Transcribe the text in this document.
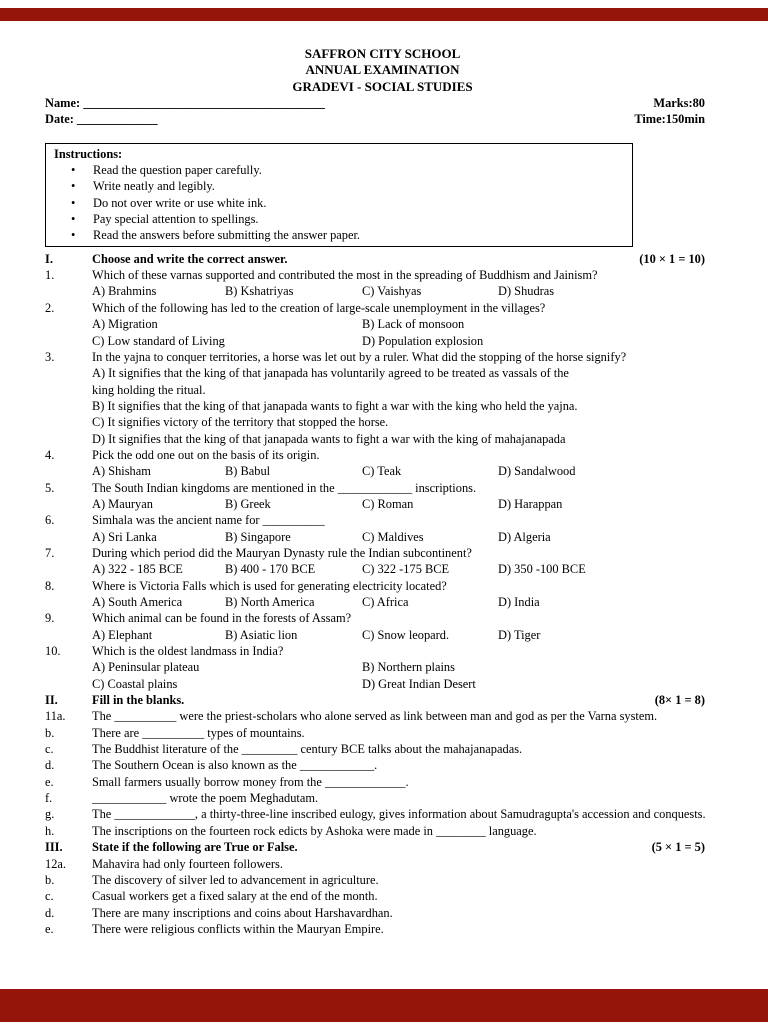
SAFFRON CITY SCHOOL
ANNUAL EXAMINATION
GRADEVI - SOCIAL STUDIES
Name: _______________________________________	Marks:80
Date: _____________	Time:150min
Instructions:
•	Read the question paper carefully.
•	Write neatly and legibly.
•	Do not over write or use white ink.
•	Pay special attention to spellings.
•	Read the answers before submitting the answer paper.
I.	Choose and write the correct answer.	(10 × 1 = 10)
1.	Which of these varnas supported and contributed the most in the spreading of Buddhism and Jainism?
A) Brahmins	B) Kshatriyas	C) Vaishyas	D) Shudras
2.	Which of the following has led to the creation of large-scale unemployment in the villages?
A) Migration	B) Lack of monsoon
C) Low standard of Living	D) Population explosion
3.	In the yajna to conquer territories, a horse was let out by a ruler. What did the stopping of the horse signify?
A) It signifies that the king of that janapada has voluntarily agreed to be treated as vassals of the
king holding the ritual.
B) It signifies that the king of that janapada wants to fight a war with the king who held the yajna.
C) It signifies victory of the territory that stopped the horse.
D) It signifies that the king of that janapada wants to fight a war with the king of mahajanapada
4.	Pick the odd one out on the basis of its origin.
A) Shisham	B) Babul	C) Teak	D) Sandalwood
5.	The South Indian kingdoms are mentioned in the ____________ inscriptions.
A) Mauryan	B) Greek	C) Roman	D) Harappan
6.	Simhala was the ancient name for __________
A) Sri Lanka	B) Singapore	C) Maldives	D) Algeria
7.	During which period did the Mauryan Dynasty rule the Indian subcontinent?
A) 322 - 185 BCE	B) 400 - 170 BCE	C) 322 -175 BCE	D) 350 -100 BCE
8.	Where is Victoria Falls which is used for generating electricity located?
A) South America	B) North America	C) Africa	D) India
9.	Which animal can be found in the forests of Assam?
A) Elephant	B) Asiatic lion	C) Snow leopard.	D) Tiger
10.	Which is the oldest landmass in India?
A) Peninsular plateau	B) Northern plains
C) Coastal plains	D) Great Indian Desert
II.	Fill in the blanks.	(8× 1 = 8)
11a.	The __________ were the priest-scholars who alone served as link between man and god as per the Varna system.
b.	There are __________ types of mountains.
c.	The Buddhist literature of the _________ century BCE talks about the mahajanapadas.
d.	The Southern Ocean is also known as the ____________.
e.	Small farmers usually borrow money from the _____________.
f.	____________ wrote the poem Meghadutam.
g.	The _____________, a thirty-three-line inscribed eulogy, gives information about Samudragupta's accession and conquests.
h.	The inscriptions on the fourteen rock edicts by Ashoka were made in ________ language.
III.	State if the following are True or False.	(5 × 1 = 5)
12a.	Mahavira had only fourteen followers.
b.	The discovery of silver led to advancement in agriculture.
c.	Casual workers get a fixed salary at the end of the month.
d.	There are many inscriptions and coins about Harshavardhan.
e.	There were religious conflicts within the Mauryan Empire.
